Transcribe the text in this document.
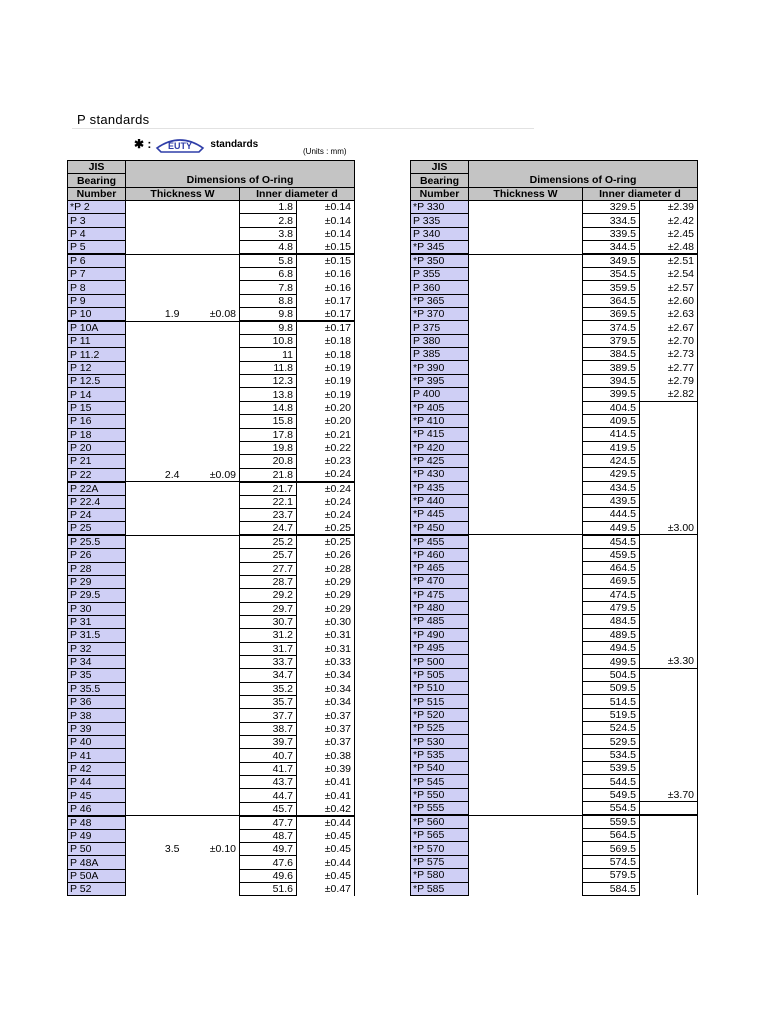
P standards
✱ : EUTY standards
(Units : mm)
JIS				
Bearing	Dimensions of O-ring			
Number	Thickness W		Inner diameter d	
*P 2			1.8	±0.14
P 3			2.8	±0.14
P 4			3.8	±0.14
P 5			4.8	±0.15
P 6			5.8	±0.15
P 7			6.8	±0.16
P 8			7.8	±0.16
P 9			8.8	±0.17
P 10	1.9	±0.08	9.8	±0.17
P 10A			9.8	±0.17
P 11			10.8	±0.18
P 11.2			11	±0.18
P 12			11.8	±0.19
P 12.5			12.3	±0.19
P 14			13.8	±0.19
P 15			14.8	±0.20
P 16			15.8	±0.20
P 18			17.8	±0.21
P 20			19.8	±0.22
P 21			20.8	±0.23
P 22	2.4	±0.09	21.8	±0.24
P 22A			21.7	±0.24
P 22.4			22.1	±0.24
P 24			23.7	±0.24
P 25			24.7	±0.25
P 25.5			25.2	±0.25
P 26			25.7	±0.26
P 28			27.7	±0.28
P 29			28.7	±0.29
P 29.5			29.2	±0.29
P 30			29.7	±0.29
P 31			30.7	±0.30
P 31.5			31.2	±0.31
P 32			31.7	±0.31
P 34			33.7	±0.33
P 35			34.7	±0.34
P 35.5			35.2	±0.34
P 36			35.7	±0.34
P 38			37.7	±0.37
P 39			38.7	±0.37
P 40			39.7	±0.37
P 41			40.7	±0.38
P 42			41.7	±0.39
P 44			43.7	±0.41
P 45			44.7	±0.41
P 46			45.7	±0.42
P 48			47.7	±0.44
P 49			48.7	±0.45
P 50	3.5	±0.10	49.7	±0.45
P 48A			47.6	±0.44
P 50A			49.6	±0.45
P 52			51.6	±0.47
JIS				
Bearing	Dimensions of O-ring			
Number	Thickness W		Inner diameter d	
*P 330			329.5	±2.39
P 335			334.5	±2.42
P 340			339.5	±2.45
*P 345			344.5	±2.48
*P 350			349.5	±2.51
P 355			354.5	±2.54
P 360			359.5	±2.57
*P 365			364.5	±2.60
*P 370			369.5	±2.63
P 375			374.5	±2.67
P 380			379.5	±2.70
P 385			384.5	±2.73
*P 390			389.5	±2.77
*P 395			394.5	±2.79
P 400			399.5	±2.82
*P 405			404.5	
*P 410			409.5	
*P 415			414.5	
*P 420			419.5	
*P 425			424.5	
*P 430			429.5	
*P 435			434.5	
*P 440			439.5	
*P 445			444.5	
*P 450			449.5	±3.00
*P 455			454.5	
*P 460			459.5	
*P 465			464.5	
*P 470			469.5	
*P 475			474.5	
*P 480			479.5	
*P 485			484.5	
*P 490			489.5	
*P 495			494.5	
*P 500			499.5	±3.30
*P 505			504.5	
*P 510			509.5	
*P 515			514.5	
*P 520			519.5	
*P 525			524.5	
*P 530			529.5	
*P 535			534.5	
*P 540			539.5	
*P 545			544.5	
*P 550			549.5	±3.70
*P 555			554.5	
*P 560			559.5	
*P 565			564.5	
*P 570			569.5	
*P 575			574.5	
*P 580			579.5	
*P 585			584.5	
